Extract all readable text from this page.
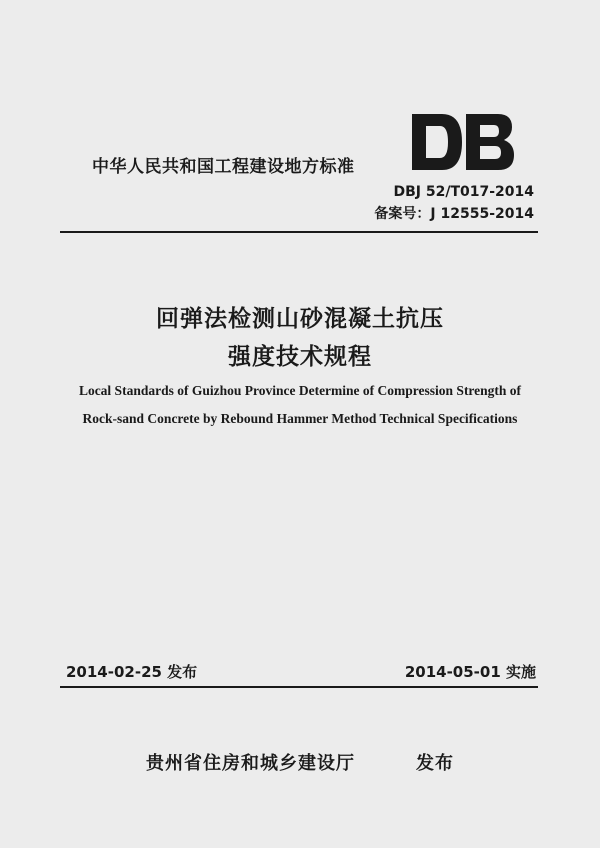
中华人民共和国工程建设地方标准
DBJ 52/T017-2014
备案号：J 12555-2014
回弹法检测山砂混凝土抗压
强度技术规程
Local Standards of Guizhou Province Determine of Compression Strength of
Rock-sand Concrete by Rebound Hammer Method Technical Specifications
2014-02-25 发布	2014-05-01 实施
贵州省住房和城乡建设厅	发布
